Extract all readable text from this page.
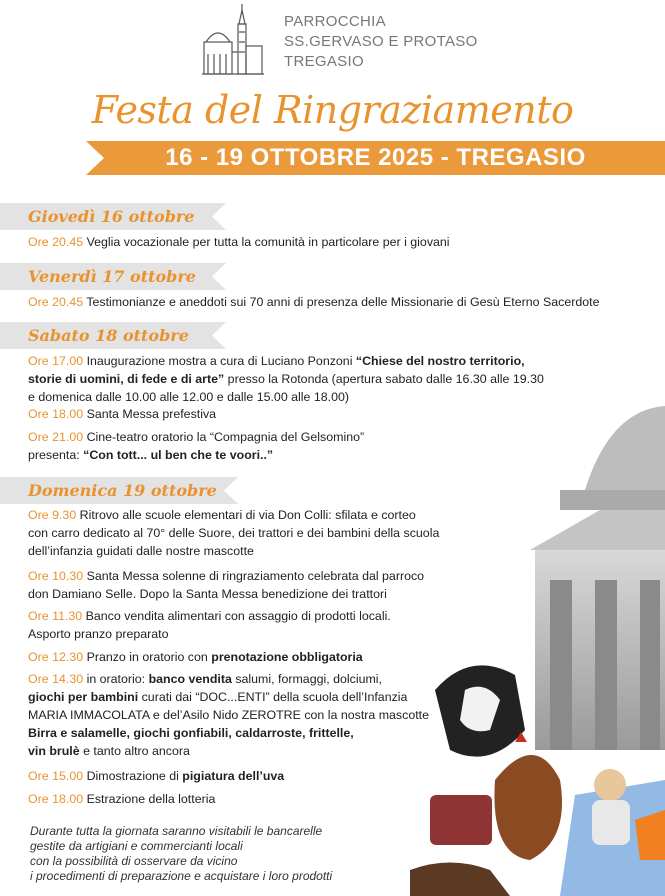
PARROCCHIA
SS.GERVASO E PROTASO
TREGASIO
Festa del Ringraziamento
16 - 19 OTTOBRE 2025 - TREGASIO
Giovedì 16 ottobre
Ore 20.45 Veglia vocazionale per tutta la comunità in particolare per i giovani
Venerdì 17 ottobre
Ore 20.45 Testimonianze e aneddoti sui 70 anni di presenza delle Missionarie di Gesù Eterno Sacerdote
Sabato 18 ottobre
Ore 17.00 Inaugurazione mostra a cura di Luciano Ponzoni “Chiese del nostro territorio,
storie di uomini, di fede e di arte” presso la Rotonda (apertura sabato dalle 16.30 alle 19.30
e domenica dalle 10.00 alle 12.00 e dalle 15.00 alle 18.00)
Ore 18.00 Santa Messa prefestiva
Ore 21.00 Cine-teatro oratorio la “Compagnia del Gelsomino”
presenta: “Con tott... ul ben che te voori..”
Domenica 19 ottobre
Ore 9.30 Ritrovo alle scuole elementari di via Don Colli: sfilata e corteo
con carro dedicato al 70° delle Suore, dei trattori e dei bambini della scuola
dell’infanzia guidati dalle nostre mascotte
Ore 10.30 Santa Messa solenne di ringraziamento celebrata dal parroco
don Damiano Selle. Dopo la Santa Messa benedizione dei trattori
Ore 11.30 Banco vendita alimentari con assaggio di prodotti locali.
Asporto pranzo preparato
Ore 12.30 Pranzo in oratorio con prenotazione obbligatoria
Ore 14.30 in oratorio: banco vendita salumi, formaggi, dolciumi,
giochi per bambini curati dai “DOC...ENTI” della scuola dell’Infanzia
MARIA IMMACOLATA e del’Asilo Nido ZEROTRE con la nostra mascotte
Birra e salamelle, giochi gonfiabili, caldarroste, frittelle,
vin brulè e tanto altro ancora
Ore 15.00 Dimostrazione di pigiatura dell’uva
Ore 18.00 Estrazione della lotteria
Durante tutta la giornata saranno visitabili le bancarelle
gestite da artigiani e commercianti locali
con la possibilità di osservare da vicino
i procedimenti di preparazione e acquistare i loro prodotti
